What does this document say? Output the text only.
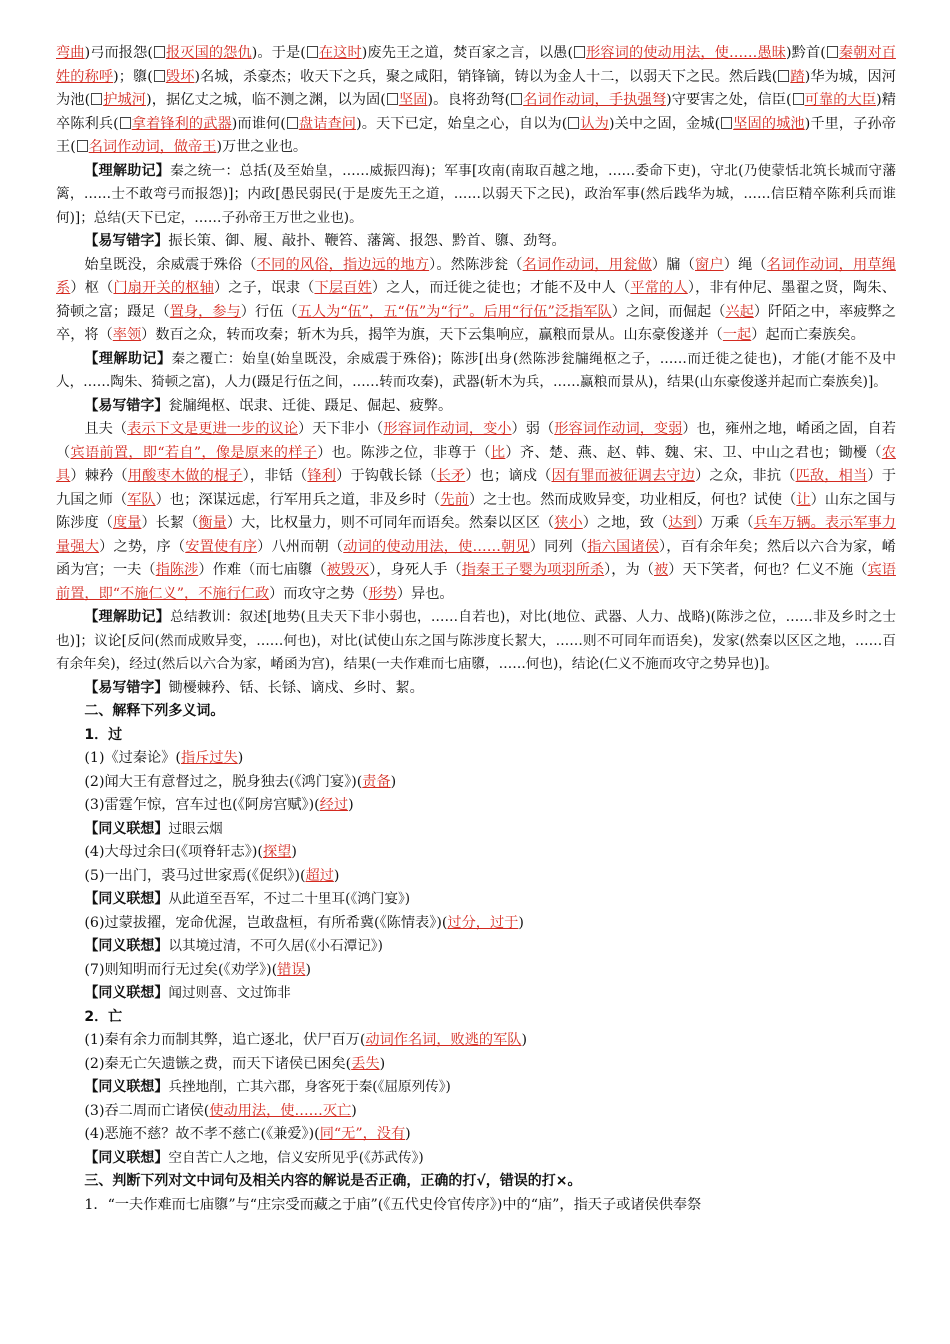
弯曲)弓而报怨( 报灭国的怨仇)。于是( 在这时)废先王之道，焚百家之言，以愚( 形容词的使动用法，使……愚昧)黔首( 秦朝对百姓的称呼)；隳( 毁坏)名城，杀豪杰；收天下之兵，聚之咸阳，销锋镝，铸以为金人十二，以弱天下之民。然后践( 踏)华为城，因河为池( 护城河)，据亿丈之城，临不测之渊，以为固( 坚固)。良将劲弩( 名词作动词，手执强弩)守要害之处，信臣( 可靠的大臣)精卒陈利兵( 拿着锋利的武器)而谁何( 盘诘查问)。天下已定，始皇之心，自以为( 认为)关中之固，金城( 坚固的城池)千里，子孙帝王( 名词作动词，做帝王)万世之业也。

【理解助记】秦之统一：总括(及至始皇，……威振四海)；军事[攻南(南取百越之地，……委命下吏)，守北(乃使蒙恬北筑长城而守藩篱，……士不敢弯弓而报怨)]；内政[愚民弱民(于是废先王之道，……以弱天下之民)，政治军事(然后践华为城，……信臣精卒陈利兵而谁何)]；总结(天下已定，……子孙帝王万世之业也)。

【易写错字】振长策、御、履、敲扑、鞭笞、藩篱、报怨、黔首、隳、劲弩。

始皇既没，余威震于殊俗（不同的风俗，指边远的地方）。然陈涉瓮（名词作动词，用瓮做）牖（窗户）绳（名词作动词，用草绳系）枢（门扇开关的枢轴）之子，氓隶（下层百姓）之人，而迁徙之徒也；才能不及中人（平常的人），非有仲尼、墨翟之贤，陶朱、猗顿之富；蹑足（置身，参与）行伍（五人为“伍”，五“伍”为“行”。后用“行伍”泛指军队）之间，而倔起（兴起）阡陌之中，率疲弊之卒，将（率领）数百之众，转而攻秦；斩木为兵，揭竿为旗，天下云集响应，赢粮而景从。山东豪俊遂并（一起）起而亡秦族矣。

【理解助记】秦之覆亡：始皇(始皇既没，余威震于殊俗)；陈涉[出身(然陈涉瓮牖绳枢之子，……而迁徙之徒也)，才能(才能不及中人，……陶朱、猗顿之富)，人力(蹑足行伍之间，……转而攻秦)，武器(斩木为兵，……赢粮而景从)，结果(山东豪俊遂并起而亡秦族矣)]。

【易写错字】瓮牖绳枢、氓隶、迁徙、蹑足、倔起、疲弊。

且夫（表示下文是更进一步的议论）天下非小（形容词作动词，变小）弱（形容词作动词，变弱）也，雍州之地，崤函之固，自若（宾语前置，即“若自”，像是原来的样子）也。陈涉之位，非尊于（比）齐、楚、燕、赵、韩、魏、宋、卫、中山之君也；锄櫌（农具）棘矜（用酸枣木做的棍子），非铦（锋利）于钩戟长铩（长矛）也；谪戍（因有罪而被征调去守边）之众，非抗（匹敌，相当）于九国之师（军队）也；深谋远虑，行军用兵之道，非及乡时（先前）之士也。然而成败异变，功业相反，何也？试使（让）山东之国与陈涉度（度量）长絜（衡量）大，比权量力，则不可同年而语矣。然秦以区区（狭小）之地，致（达到）万乘（兵车万辆。表示军事力量强大）之势，序（安置使有序）八州而朝（动词的使动用法，使……朝见）同列（指六国诸侯），百有余年矣；然后以六合为家，崤函为宫；一夫（指陈涉）作难（而七庙隳（被毁灭），身死人手（指秦王子婴为项羽所杀），为（被）天下笑者，何也？仁义不施（宾语前置，即“不施仁义”，不施行仁政）而攻守之势（形势）异也。

【理解助记】总结教训：叙述[地势(且夫天下非小弱也，……自若也)，对比(地位、武器、人力、战略)(陈涉之位，……非及乡时之士也)]；议论[反问(然而成败异变，……何也)，对比(试使山东之国与陈涉度长絜大，……则不可同年而语矣)，发家(然秦以区区之地，……百有余年矣)，经过(然后以六合为家，崤函为宫)，结果(一夫作难而七庙隳，……何也)，结论(仁义不施而攻守之势异也)]。

【易写错字】锄櫌棘矜、铦、长铩、谪戍、乡时、絜。

二、解释下列多义词。

1．过

(1)《过秦论》(指斥过失)

(2)闻大王有意督过之，脱身独去(《鸿门宴》)(责备)

(3)雷霆乍惊，宫车过也(《阿房宫赋》)(经过)

【同义联想】过眼云烟

(4)大母过余曰(《项脊轩志》)(探望)

(5)一出门，裘马过世家焉(《促织》)(超过)

【同义联想】从此道至吾军，不过二十里耳(《鸿门宴》)

(6)过蒙拔擢，宠命优渥，岂敢盘桓，有所希冀(《陈情表》)(过分，过于)

【同义联想】以其境过清，不可久居(《小石潭记》)

(7)则知明而行无过矣(《劝学》)(错误)

【同义联想】闻过则喜、文过饰非

2．亡

(1)秦有余力而制其弊，追亡逐北，伏尸百万(动词作名词，败逃的军队)

(2)秦无亡矢遗镞之费，而天下诸侯已困矣(丢失)

【同义联想】兵挫地削，亡其六郡，身客死于秦(《屈原列传》)

(3)吞二周而亡诸侯(使动用法，使……灭亡)

(4)恶施不慈？故不孝不慈亡(《兼爱》)(同“无”，没有)

【同义联想】空自苦亡人之地，信义安所见乎(《苏武传》)

三、判断下列对文中词句及相关内容的解说是否正确，正确的打√，错误的打×。

1．“一夫作难而七庙隳”与“庄宗受而藏之于庙”(《五代史伶官传序》)中的“庙”，指天子或诸侯供奉祭
